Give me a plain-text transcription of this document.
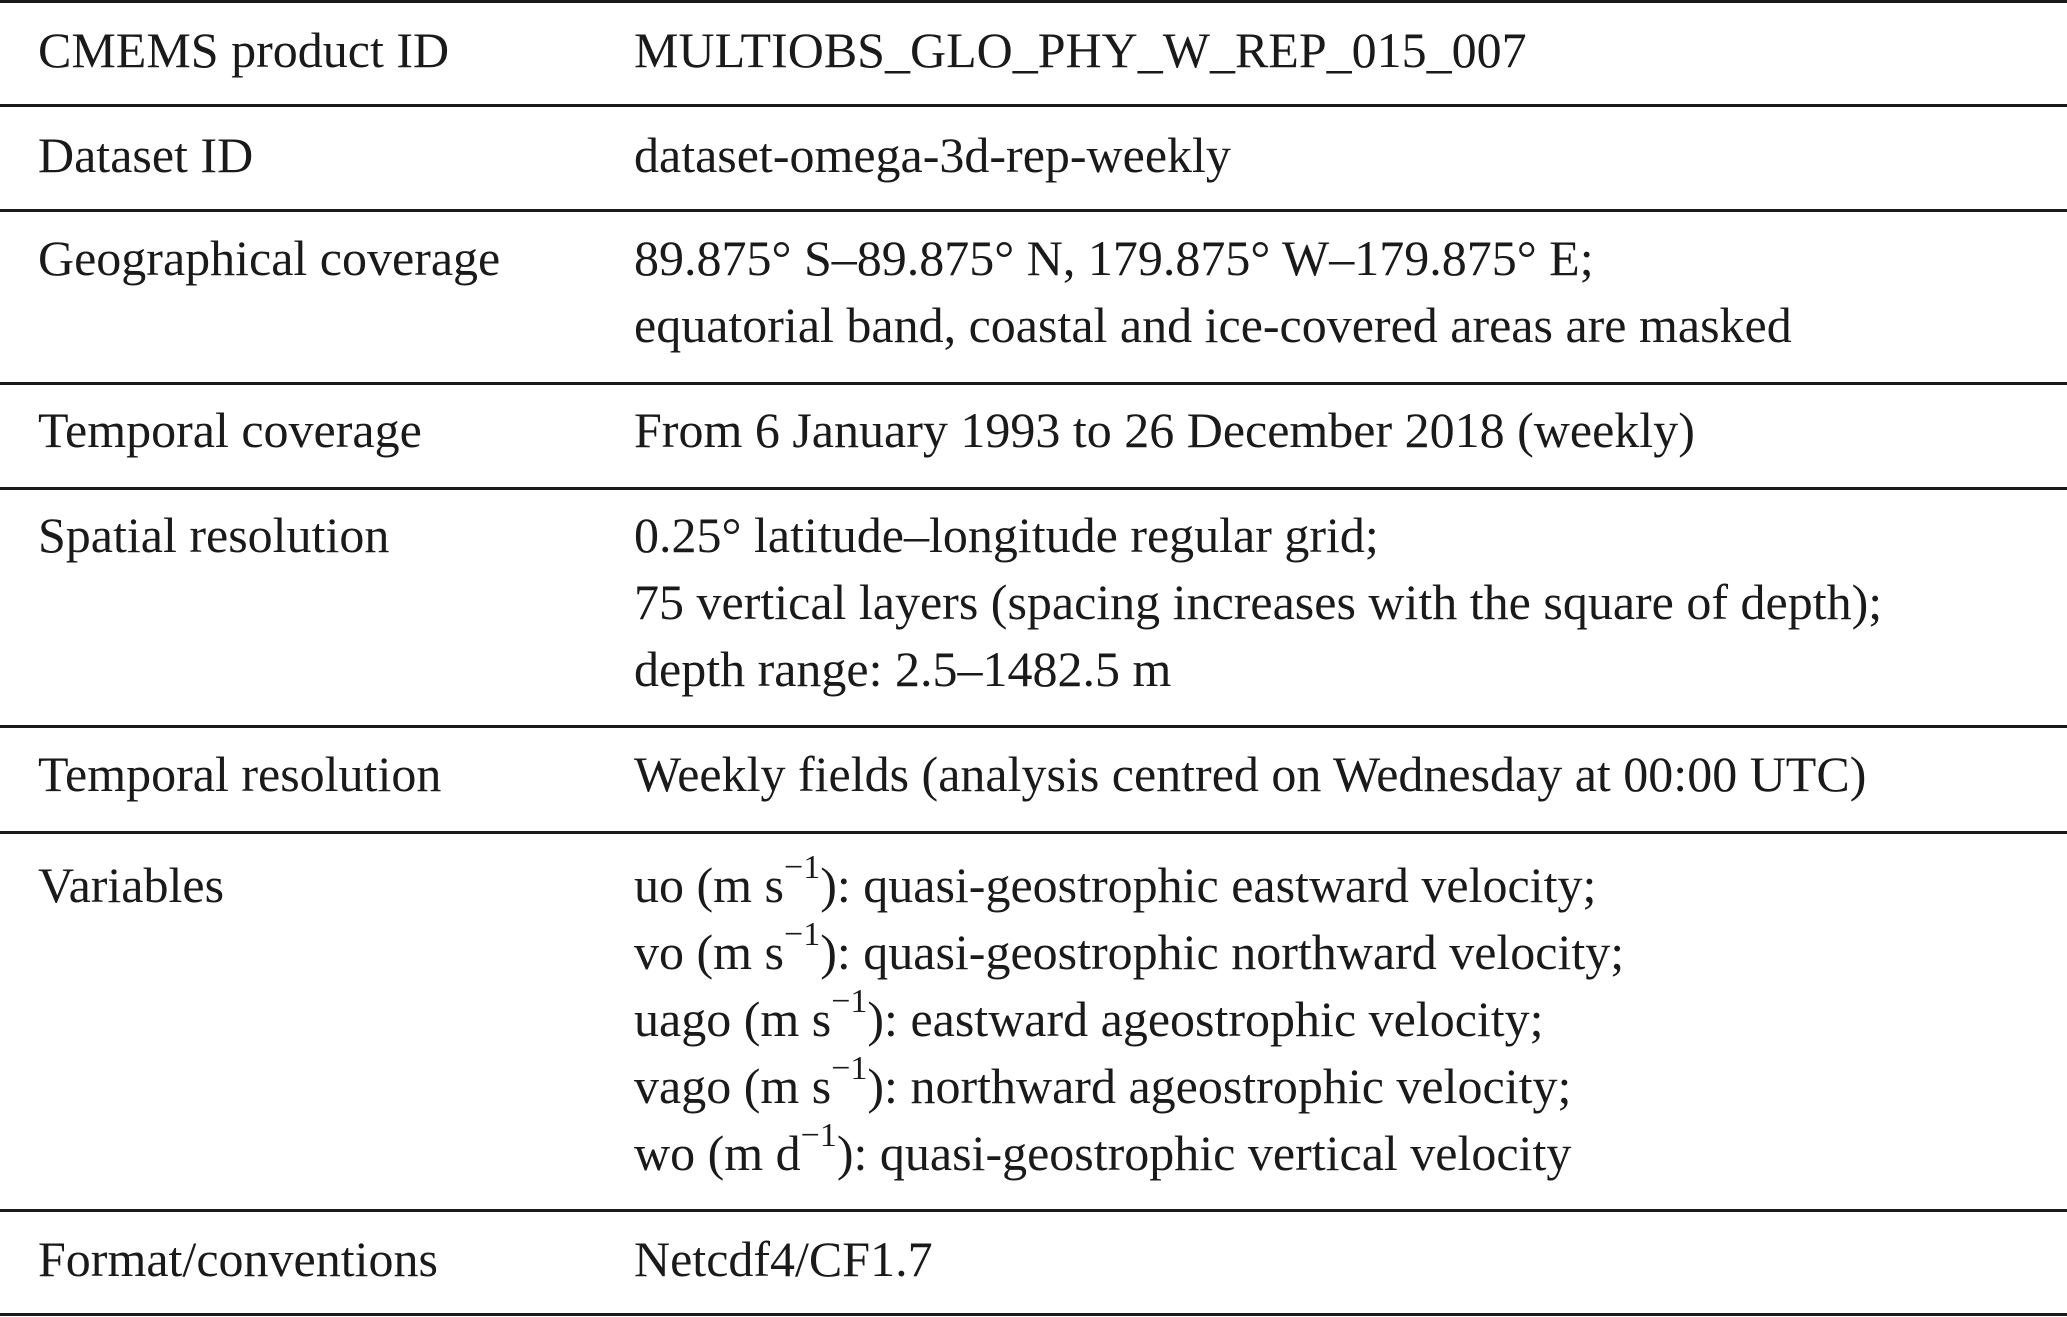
CMEMS product ID	MULTIOBS_GLO_PHY_W_REP_015_007
Dataset ID	dataset-omega-3d-rep-weekly
Geographical coverage	89.875° S–89.875° N, 179.875° W–179.875° E;
equatorial band, coastal and ice-covered areas are masked
Temporal coverage	From 6 January 1993 to 26 December 2018 (weekly)
Spatial resolution	0.25° latitude–longitude regular grid;
75 vertical layers (spacing increases with the square of depth);
depth range: 2.5–1482.5 m
Temporal resolution	Weekly fields (analysis centred on Wednesday at 00:00 UTC)
Variables	uo (m $s^{-1}$): quasi-geostrophic eastward velocity;
vo (m $s^{-1}$): quasi-geostrophic northward velocity;
uago (m $s^{-1}$): eastward ageostrophic velocity;
vago (m $s^{-1}$): northward ageostrophic velocity;
wo (m $d^{-1}$): quasi-geostrophic vertical velocity
Format/conventions	Netcdf4/CF1.7
